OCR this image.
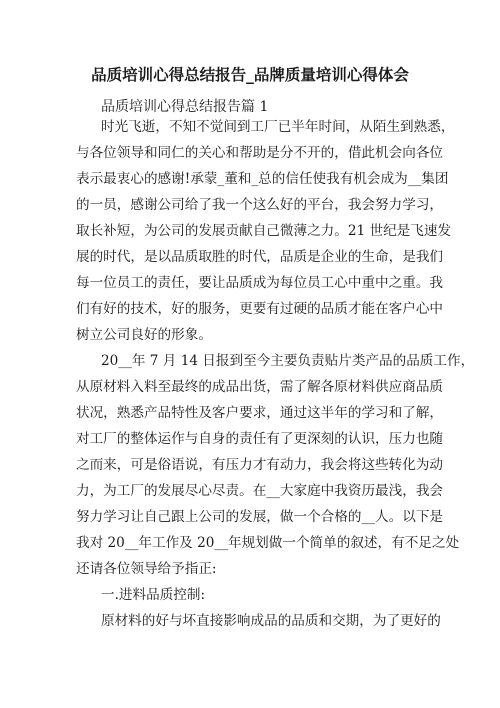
品质培训心得总结报告_品牌质量培训心得体会
品质培训心得总结报告篇 1
时光飞逝，不知不觉间到工厂已半年时间，从陌生到熟悉，
与各位领导和同仁的关心和帮助是分不开的，借此机会向各位
表示最衷心的感谢!承蒙_董和_总的信任使我有机会成为__集团
的一员，感谢公司给了我一个这么好的平台，我会努力学习，
取长补短，为公司的发展贡献自己微薄之力。21 世纪是飞速发
展的时代，是以品质取胜的时代，品质是企业的生命，是我们
每一位员工的责任，要让品质成为每位员工心中重中之重。我
们有好的技术，好的服务，更要有过硬的品质才能在客户心中
树立公司良好的形象。
20__年 7 月 14 日报到至今主要负责贴片类产品的品质工作，
从原材料入料至最终的成品出货，需了解各原材料供应商品质
状况，熟悉产品特性及客户要求，通过这半年的学习和了解，
对工厂的整体运作与自身的责任有了更深刻的认识，压力也随
之而来，可是俗语说，有压力才有动力，我会将这些转化为动
力，为工厂的发展尽心尽责。在__大家庭中我资历最浅，我会
努力学习让自己跟上公司的发展，做一个合格的__人。以下是
我对 20__年工作及 20__年规划做一个简单的叙述，有不足之处
还请各位领导给予指正:
一.进料品质控制:
原材料的好与坏直接影响成品的品质和交期，为了更好的
